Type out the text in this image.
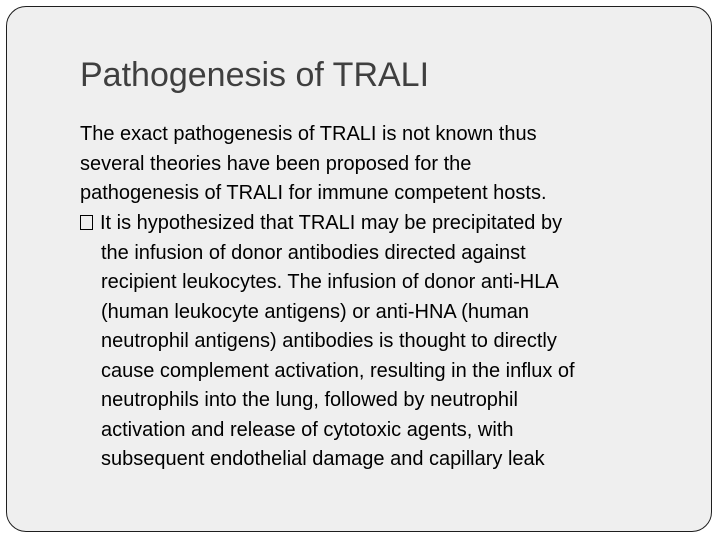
Pathogenesis of TRALI

The exact pathogenesis of TRALI is not known thus
several theories have been proposed for the
pathogenesis of TRALI for immune competent hosts.

It is hypothesized that TRALI may be precipitated by
the infusion of donor antibodies directed against
recipient leukocytes. The infusion of donor anti-HLA
(human leukocyte antigens) or anti-HNA (human
neutrophil antigens) antibodies is thought to directly
cause complement activation, resulting in the influx of
neutrophils into the lung, followed by neutrophil
activation and release of cytotoxic agents, with
subsequent endothelial damage and capillary leak
